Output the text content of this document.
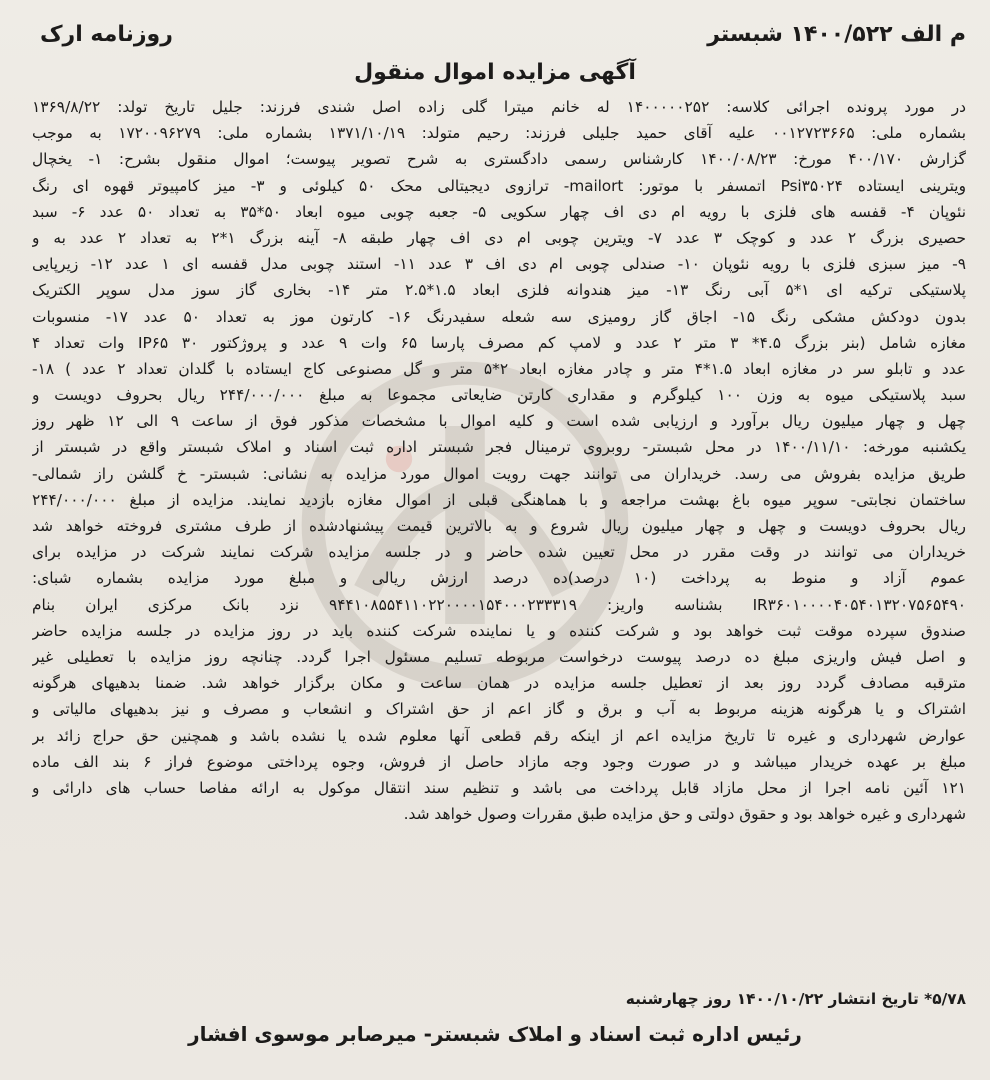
م الف ۱۴۰۰/۵۲۲ شبستر
روزنامه ارک
آگهی مزایده اموال منقول
در مورد پرونده اجرائی کلاسه: ۱۴۰۰۰۰۰۲۵۲ له خانم میترا گلی زاده اصل شندی فرزند: جلیل تاریخ تولد: ۱۳۶۹/۸/۲۲
بشماره ملی: ۰۰۱۲۷۲۳۶۶۵ علیه آقای حمید جلیلی فرزند: رحیم متولد: ۱۳۷۱/۱۰/۱۹ بشماره ملی: ۱۷۲۰۰۹۶۲۷۹ به موجب
گزارش ۴۰۰/۱۷۰ مورخ: ۱۴۰۰/۰۸/۲۳ کارشناس رسمی دادگستری به شرح تصویر پیوست؛ اموال منقول بشرح: ۱- یخچال
ویترینی ایستاده Psi۳۵۰۲۴ اتمسفر با موتور: mailort- ترازوی دیجیتالی محک ۵۰ کیلوئی و ۳- میز کامپیوتر قهوه ای رنگ
نئوپان ۴- قفسه های فلزی با رویه ام دی اف چهار سکویی ۵- جعبه چوبی میوه ابعاد ۵۰*۳۵ به تعداد ۵۰ عدد ۶- سبد
حصیری بزرگ ۲ عدد و کوچک ۳ عدد ۷- ویترین چوبی ام دی اف چهار طبقه ۸- آینه بزرگ ۱*۲ به تعداد ۲ عدد به و
۹- میز سبزی فلزی با رویه نئوپان ۱۰- صندلی چوبی ام دی اف ۳ عدد ۱۱- استند چوبی مدل قفسه ای ۱ عدد ۱۲- زیرپایی
پلاستیکی ترکیه ای ۱*۵ آبی رنگ ۱۳- میز هندوانه فلزی ابعاد ۱.۵*۲.۵ متر ۱۴- بخاری گاز سوز مدل سوپر الکتریک
بدون دودکش مشکی رنگ ۱۵- اجاق گاز رومیزی سه شعله سفیدرنگ ۱۶- کارتون موز به تعداد ۵۰ عدد ۱۷- منسوبات
مغازه شامل (بنر بزرگ ۴.۵* ۳ متر ۲ عدد و لامپ کم مصرف پارسا ۶۵ وات ۹ عدد و پروژکتور IP۶۵ ۳۰ وات تعداد ۴
عدد و تابلو سر در مغازه ابعاد ۱.۵*۴ متر و چادر مغازه ابعاد ۲*۵ متر و گل مصنوعی کاج ایستاده با گلدان تعداد ۲ عدد ) ۱۸-
سبد پلاستیکی میوه به وزن ۱۰۰ کیلوگرم و مقداری کارتن ضایعاتی مجموعا به مبلغ ۲۴۴/۰۰۰/۰۰۰ ریال بحروف دویست و
چهل و چهار میلیون ریال برآورد و ارزیابی شده است و کلیه اموال با مشخصات مذکور فوق از ساعت ۹ الی ۱۲ ظهر روز
یکشنبه مورخه: ۱۴۰۰/۱۱/۱۰ در محل شبستر- روبروی ترمینال فجر شبستر اداره ثبت اسناد و املاک شبستر واقع در شبستر از
طریق مزایده بفروش می رسد. خریداران می توانند جهت رویت اموال مورد مزایده به نشانی: شبستر- خ گلشن راز شمالی-
ساختمان نجابتی- سوپر میوه باغ بهشت مراجعه و با هماهنگی قبلی از اموال مغازه بازدید نمایند. مزایده از مبلغ ۲۴۴/۰۰۰/۰۰۰
ریال بحروف دویست و چهل و چهار میلیون ریال شروع و به بالاترین قیمت پیشنهادشده از طرف مشتری فروخته خواهد شد
خریداران می توانند در وقت مقرر در محل تعیین شده حاضر و در جلسه مزایده شرکت نمایند شرکت در مزایده برای
عموم آزاد و منوط به پرداخت (۱۰ درصد)ده درصد ارزش ریالی و مبلغ مورد مزایده بشماره شبای:
IR۳۶۰۱۰۰۰۰۴۰۵۴۰۱۳۲۰۷۵۶۵۴۹۰ بشناسه واریز: ۹۴۴۱۰۸۵۵۴۱۱۰۲۲۰۰۰۰۱۵۴۰۰۰۲۳۳۳۱۹ نزد بانک مرکزی ایران بنام
صندوق سپرده موقت ثبت خواهد بود و شرکت کننده و یا نماینده شرکت کننده باید در روز مزایده در جلسه مزایده حاضر
و اصل فیش واریزی مبلغ ده درصد پیوست درخواست مربوطه تسلیم مسئول اجرا گردد. چنانچه روز مزایده با تعطیلی غیر
مترقبه مصادف گردد روز بعد از تعطیل جلسه مزایده در همان ساعت و مکان برگزار خواهد شد. ضمنا بدهیهای هرگونه
اشتراک و یا هرگونه هزینه مربوط به آب و برق و گاز اعم از حق اشتراک و انشعاب و مصرف و نیز بدهیهای مالیاتی و
عوارض شهرداری و غیره تا تاریخ مزایده اعم از اینکه رقم قطعی آنها معلوم شده یا نشده باشد و همچنین حق حراج زائد بر
مبلغ بر عهده خریدار میباشد و در صورت وجود وجه مازاد حاصل از فروش، وجوه پرداختی موضوع فراز ۶ بند الف ماده
۱۲۱ آئین نامه اجرا از محل مازاد قابل پرداخت می باشد و تنظیم سند انتقال موکول به ارائه مفاصا حساب های دارائی و
شهرداری و غیره خواهد بود و حقوق دولتی و حق مزایده طبق مقررات وصول خواهد شد.
۵/۷۸* تاریخ انتشار ۱۴۰۰/۱۰/۲۲ روز چهارشنبه
رئیس اداره ثبت اسناد و املاک شبستر- میرصابر موسوی افشار
